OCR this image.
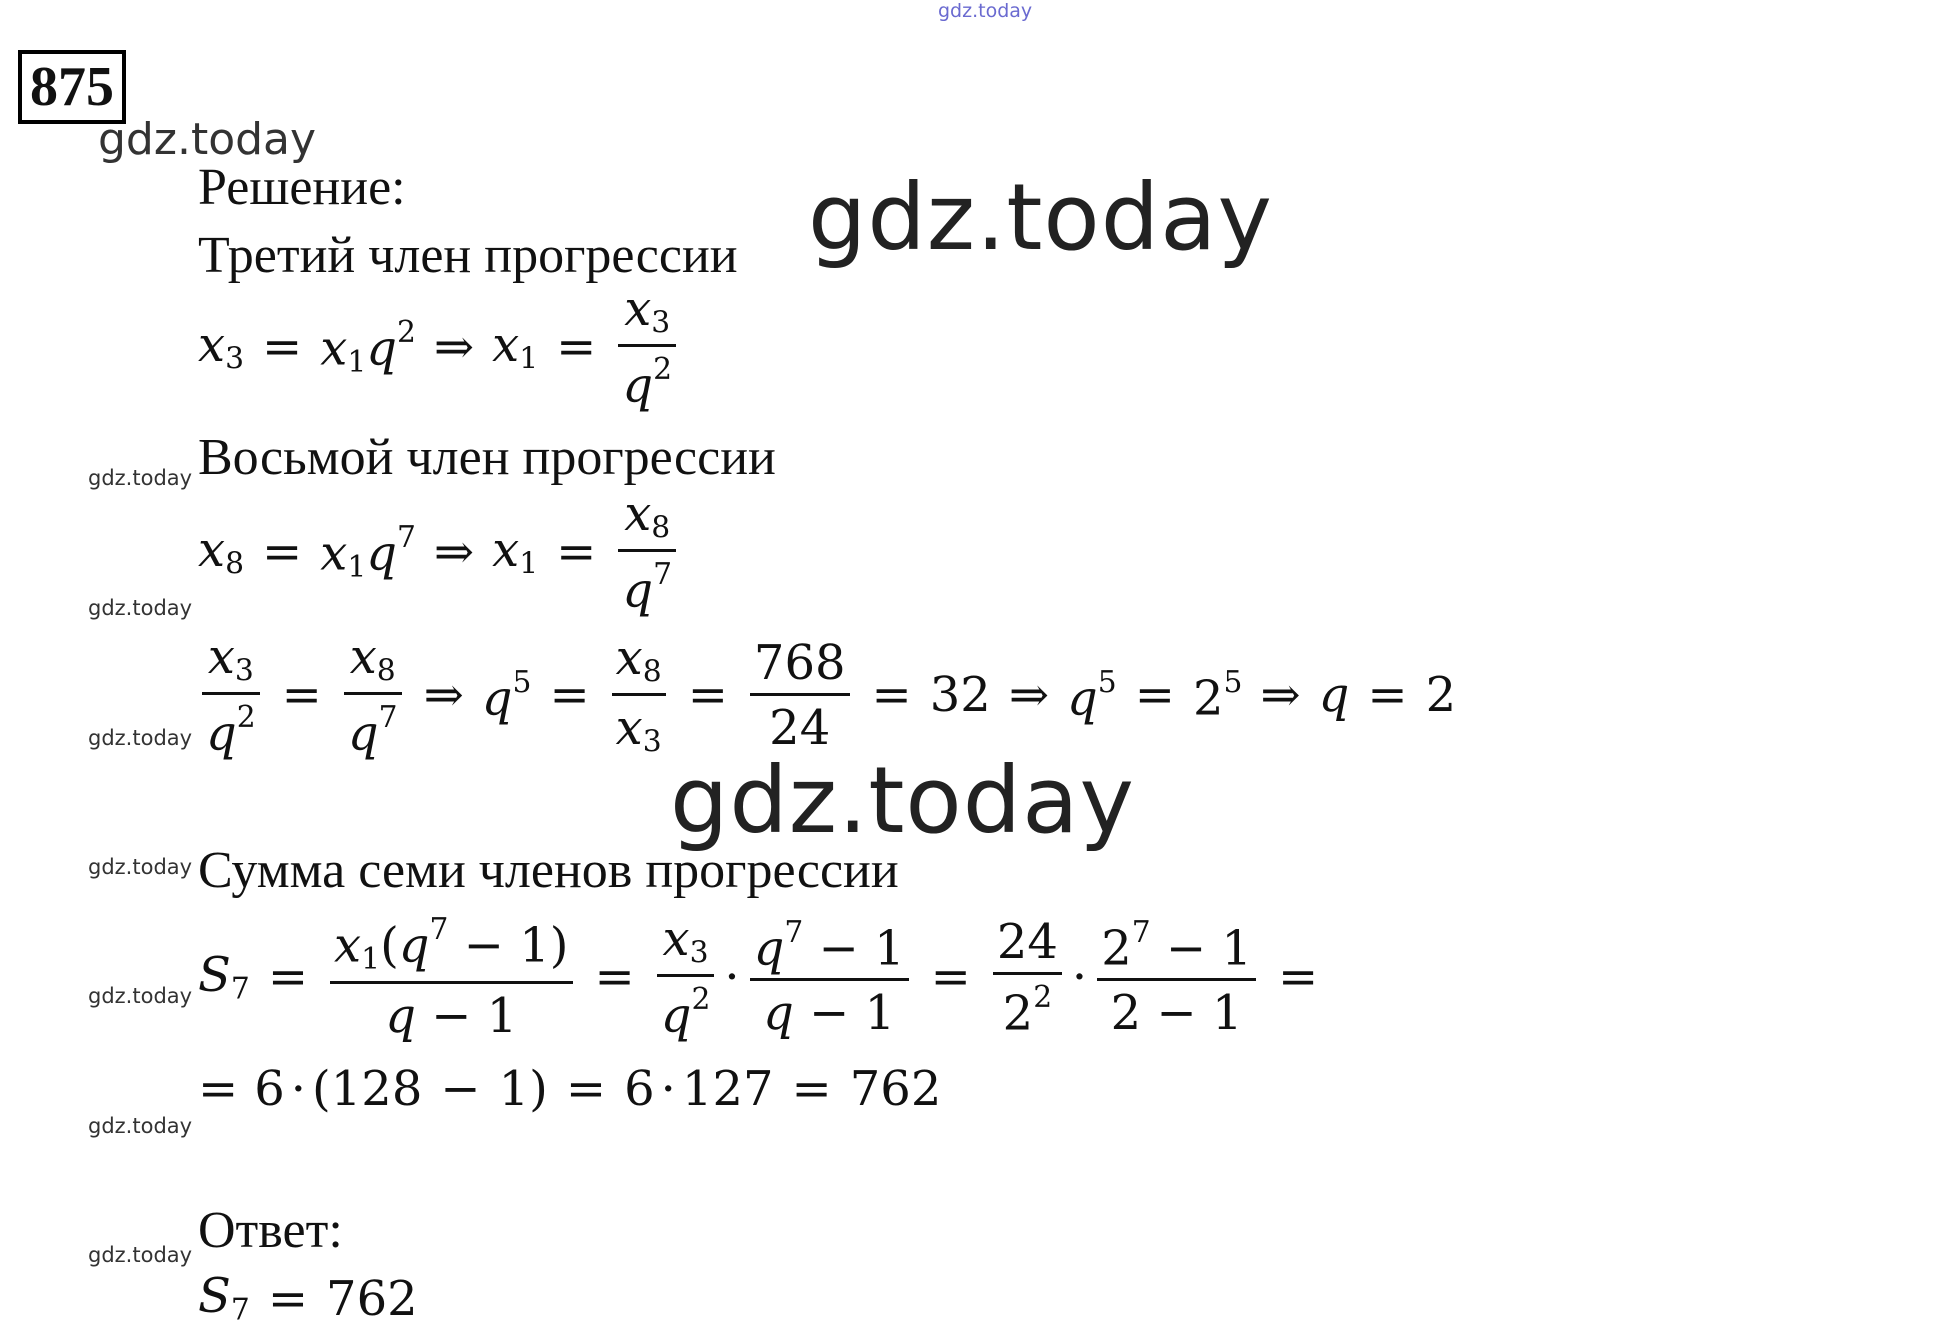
gdz.today
gdz.today
gdz.today
gdz.today
gdz.today
gdz.today
gdz.today
gdz.today
gdz.today
gdz.today
gdz.today
875
Решение:
Третий член прогрессии
$x_3 = x_1q^2$ ⇒ $x_1 = \frac{x_3}{q^2}$
Восьмой член прогрессии
$x_8 = x_1q^7$ ⇒ $x_1 = \frac{x_8}{q^7}$
$\frac{x_3}{q^2} = \frac{x_8}{q^7}$ ⇒ $q^5 = \frac{x_8}{x_3} = \frac{768}{24} = 32$ ⇒ $q^5 = 2^5$ ⇒ q = 2
Сумма семи членов прогрессии
$S_7 = \frac{x_1(q^7 - 1)}{q - 1} = \frac{x_3}{q^2} \cdot \frac{q^7 - 1}{q - 1} = \frac{24}{2^2} \cdot \frac{2^7 - 1}{2 - 1}$ =
= 6 · ( 128 − 1 ) = 6 · 127 = 762
Ответ:
$S_7 = 762$
